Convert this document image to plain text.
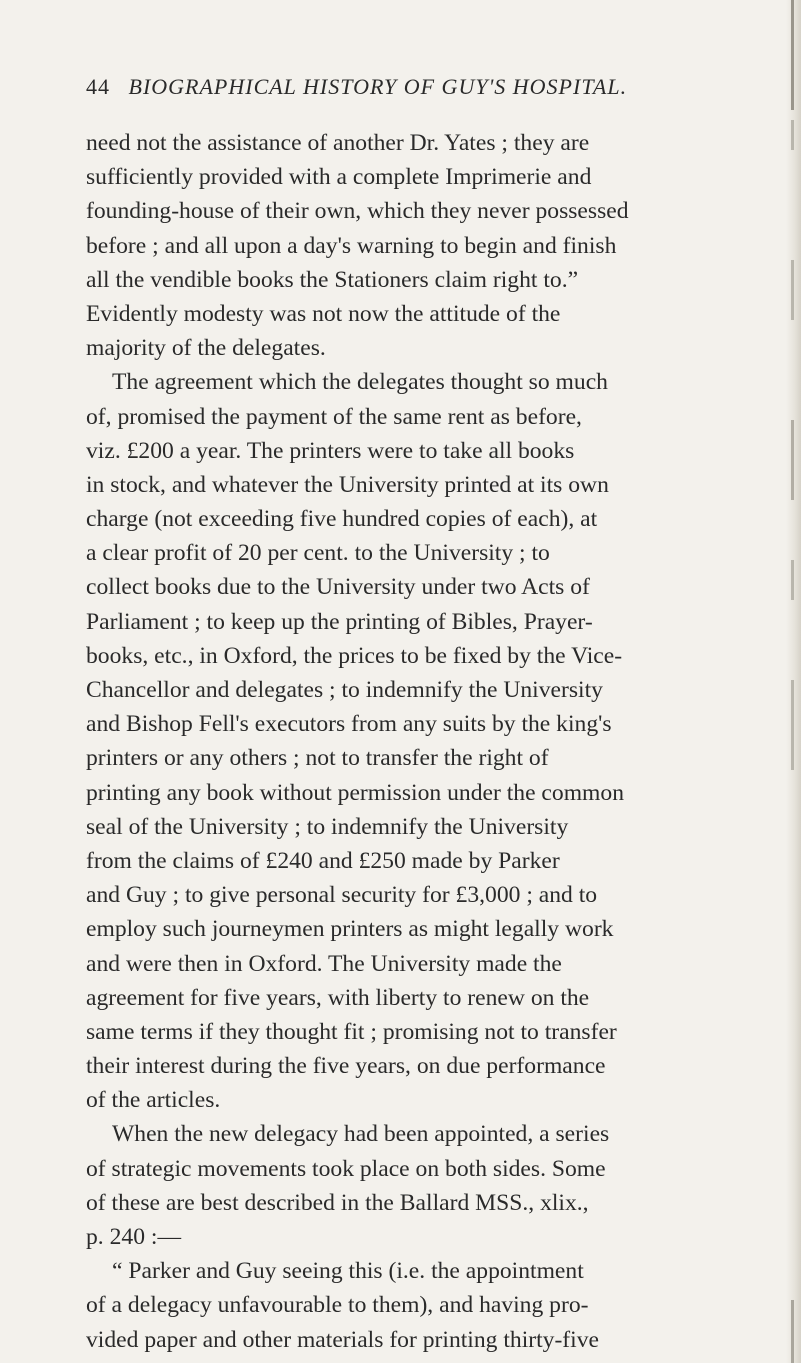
44 BIOGRAPHICAL HISTORY OF GUY'S HOSPITAL.
need not the assistance of another Dr. Yates ; they are
sufficiently provided with a complete Imprimerie and
founding-house of their own, which they never possessed
before ; and all upon a day's warning to begin and finish
all the vendible books the Stationers claim right to.”
Evidently modesty was not now the attitude of the
majority of the delegates.
The agreement which the delegates thought so much
of, promised the payment of the same rent as before,
viz. £200 a year. The printers were to take all books
in stock, and whatever the University printed at its own
charge (not exceeding five hundred copies of each), at
a clear profit of 20 per cent. to the University ; to
collect books due to the University under two Acts of
Parliament ; to keep up the printing of Bibles, Prayer-
books, etc., in Oxford, the prices to be fixed by the Vice-
Chancellor and delegates ; to indemnify the University
and Bishop Fell's executors from any suits by the king's
printers or any others ; not to transfer the right of
printing any book without permission under the common
seal of the University ; to indemnify the University
from the claims of £240 and £250 made by Parker
and Guy ; to give personal security for £3,000 ; and to
employ such journeymen printers as might legally work
and were then in Oxford. The University made the
agreement for five years, with liberty to renew on the
same terms if they thought fit ; promising not to transfer
their interest during the five years, on due performance
of the articles.
When the new delegacy had been appointed, a series
of strategic movements took place on both sides. Some
of these are best described in the Ballard MSS., xlix.,
p. 240 :—
“ Parker and Guy seeing this (i.e. the appointment
of a delegacy unfavourable to them), and having pro-
vided paper and other materials for printing thirty-five
